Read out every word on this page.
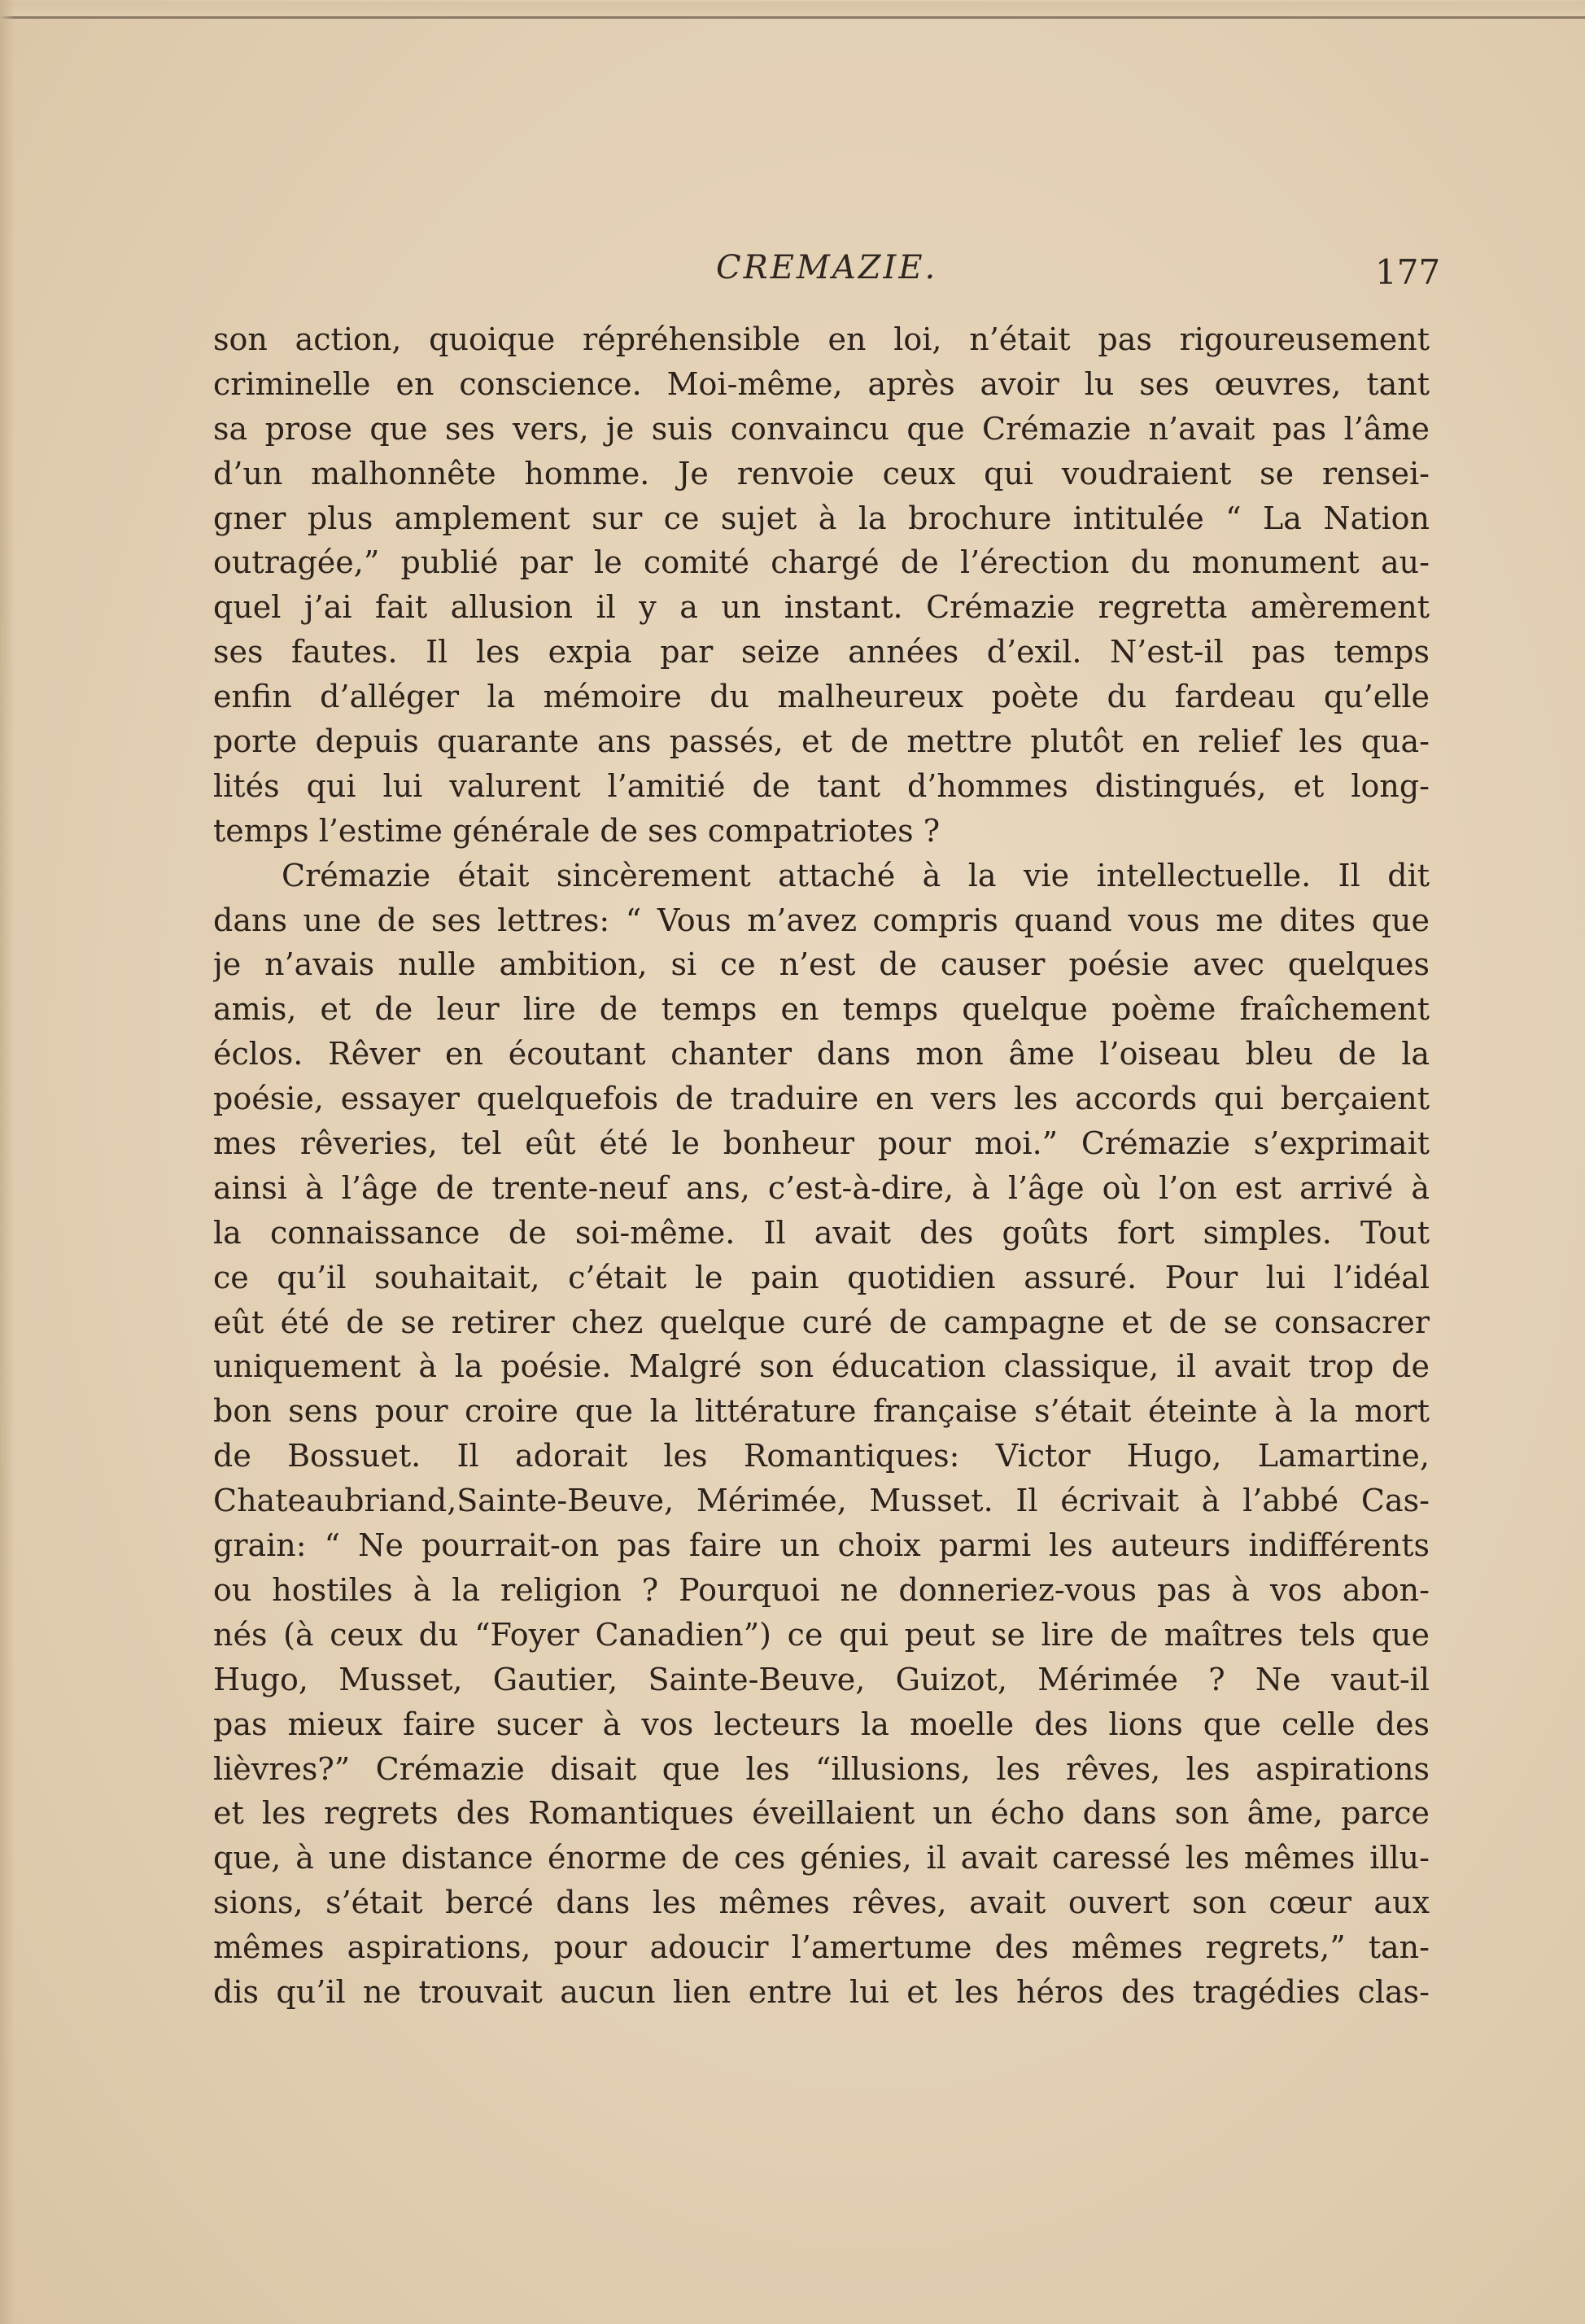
CREMAZIE.	177
son action, quoique répréhensible en loi, n’était pas rigoureusement
criminelle en conscience. Moi-même, après avoir lu ses œuvres, tant
sa prose que ses vers, je suis convaincu que Crémazie n’avait pas l’âme
d’un malhonnête homme. Je renvoie ceux qui voudraient se rensei-
gner plus amplement sur ce sujet à la brochure intitulée “ La Nation
outragée,” publié par le comité chargé de l’érection du monument au-
quel j’ai fait allusion il y a un instant. Crémazie regretta amèrement
ses fautes. Il les expia par seize années d’exil. N’est-il pas temps
enfin d’alléger la mémoire du malheureux poète du fardeau qu’elle
porte depuis quarante ans passés, et de mettre plutôt en relief les qua-
lités qui lui valurent l’amitié de tant d’hommes distingués, et long-
temps l’estime générale de ses compatriotes ?
Crémazie était sincèrement attaché à la vie intellectuelle. Il dit
dans une de ses lettres: “ Vous m’avez compris quand vous me dites que
je n’avais nulle ambition, si ce n’est de causer poésie avec quelques
amis, et de leur lire de temps en temps quelque poème fraîchement
éclos. Rêver en écoutant chanter dans mon âme l’oiseau bleu de la
poésie, essayer quelquefois de traduire en vers les accords qui berçaient
mes rêveries, tel eût été le bonheur pour moi.” Crémazie s’exprimait
ainsi à l’âge de trente-neuf ans, c’est-à-dire, à l’âge où l’on est arrivé à
la connaissance de soi-même. Il avait des goûts fort simples. Tout
ce qu’il souhaitait, c’était le pain quotidien assuré. Pour lui l’idéal
eût été de se retirer chez quelque curé de campagne et de se consacrer
uniquement à la poésie. Malgré son éducation classique, il avait trop de
bon sens pour croire que la littérature française s’était éteinte à la mort
de Bossuet. Il adorait les Romantiques: Victor Hugo, Lamartine,
Chateaubriand,Sainte-Beuve, Mérimée, Musset. Il écrivait à l’abbé Cas-
grain: “ Ne pourrait-on pas faire un choix parmi les auteurs indifférents
ou hostiles à la religion ? Pourquoi ne donneriez-vous pas à vos abon-
nés (à ceux du “Foyer Canadien”) ce qui peut se lire de maîtres tels que
Hugo, Musset, Gautier, Sainte-Beuve, Guizot, Mérimée ? Ne vaut-il
pas mieux faire sucer à vos lecteurs la moelle des lions que celle des
lièvres?” Crémazie disait que les “illusions, les rêves, les aspirations
et les regrets des Romantiques éveillaient un écho dans son âme, parce
que, à une distance énorme de ces génies, il avait caressé les mêmes illu-
sions, s’était bercé dans les mêmes rêves, avait ouvert son cœur aux
mêmes aspirations, pour adoucir l’amertume des mêmes regrets,” tan-
dis qu’il ne trouvait aucun lien entre lui et les héros des tragédies clas-
